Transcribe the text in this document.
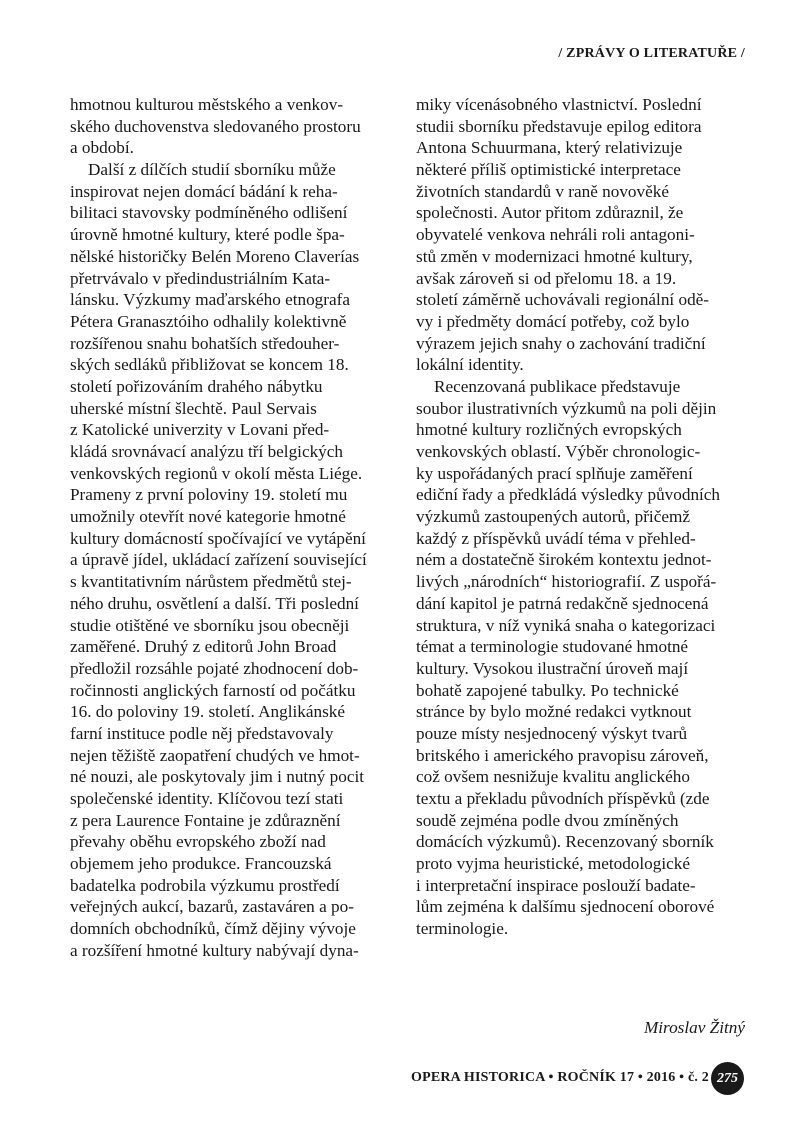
/ ZPRÁVY O LITERATUŘE /
hmotnou kulturou městského a venkov-
ského duchovenstva sledovaného prostoru
a období.
Další z dílčích studií sborníku může
inspirovat nejen domácí bádání k reha-
bilitaci stavovsky podmíněného odlišení
úrovně hmotné kultury, které podle špa-
nělské historičky Belén Moreno Claverías
přetrvávalo v předindustriálním Kata-
lánsku. Výzkumy maďarského etnografa
Pétera Granasztóiho odhalily kolektivně
rozšířenou snahu bohatších středouher-
ských sedláků přibližovat se koncem 18.
století pořizováním drahého nábytku
uherské místní šlechtě. Paul Servais
z Katolické univerzity v Lovani před-
kládá srovnávací analýzu tří belgických
venkovských regionů v okolí města Liége.
Prameny z první poloviny 19. století mu
umožnily otevřít nové kategorie hmotné
kultury domácností spočívající ve vytápění
a úpravě jídel, ukládací zařízení související
s kvantitativním nárůstem předmětů stej-
ného druhu, osvětlení a další. Tři poslední
studie otištěné ve sborníku jsou obecněji
zaměřené. Druhý z editorů John Broad
předložil rozsáhle pojaté zhodnocení dob-
ročinnosti anglických farností od počátku
16. do poloviny 19. století. Anglikánské
farní instituce podle něj představovaly
nejen těžiště zaopatření chudých ve hmot-
né nouzi, ale poskytovaly jim i nutný pocit
společenské identity. Klíčovou tezí stati
z pera Laurence Fontaine je zdůraznění
převahy oběhu evropského zboží nad
objemem jeho produkce. Francouzská
badatelka podrobila výzkumu prostředí
veřejných aukcí, bazarů, zastaváren a po-
domních obchodníků, čímž dějiny vývoje
a rozšíření hmotné kultury nabývají dyna-
miky vícenásobného vlastnictví. Poslední
studii sborníku představuje epilog editora
Antona Schuurmana, který relativizuje
některé příliš optimistické interpretace
životních standardů v raně novověké
společnosti. Autor přitom zdůraznil, že
obyvatelé venkova nehráli roli antagoni-
stů změn v modernizaci hmotné kultury,
avšak zároveň si od přelomu 18. a 19.
století záměrně uchovávali regionální odě-
vy i předměty domácí potřeby, což bylo
výrazem jejich snahy o zachování tradiční
lokální identity.
Recenzovaná publikace představuje
soubor ilustrativních výzkumů na poli dějin
hmotné kultury rozličných evropských
venkovských oblastí. Výběr chronologic-
ky uspořádaných prací splňuje zaměření
ediční řady a předkládá výsledky původních
výzkumů zastoupených autorů, přičemž
každý z příspěvků uvádí téma v přehled-
ném a dostatečně širokém kontextu jednot-
livých „národních“ historiografií. Z uspořá-
dání kapitol je patrná redakčně sjednocená
struktura, v níž vyniká snaha o kategorizaci
témat a terminologie studované hmotné
kultury. Vysokou ilustrační úroveň mají
bohatě zapojené tabulky. Po technické
stránce by bylo možné redakci vytknout
pouze místy nesjednocený výskyt tvarů
britského i amerického pravopisu zároveň,
což ovšem nesnižuje kvalitu anglického
textu a překladu původních příspěvků (zde
soudě zejména podle dvou zmíněných
domácích výzkumů). Recenzovaný sborník
proto vyjma heuristické, metodologické
i interpretační inspirace poslouží badate-
lům zejména k dalšímu sjednocení oborové
terminologie.
Miroslav Žitný
OPERA HISTORICA • ROČNÍK 17 • 2016 • č. 2 275
